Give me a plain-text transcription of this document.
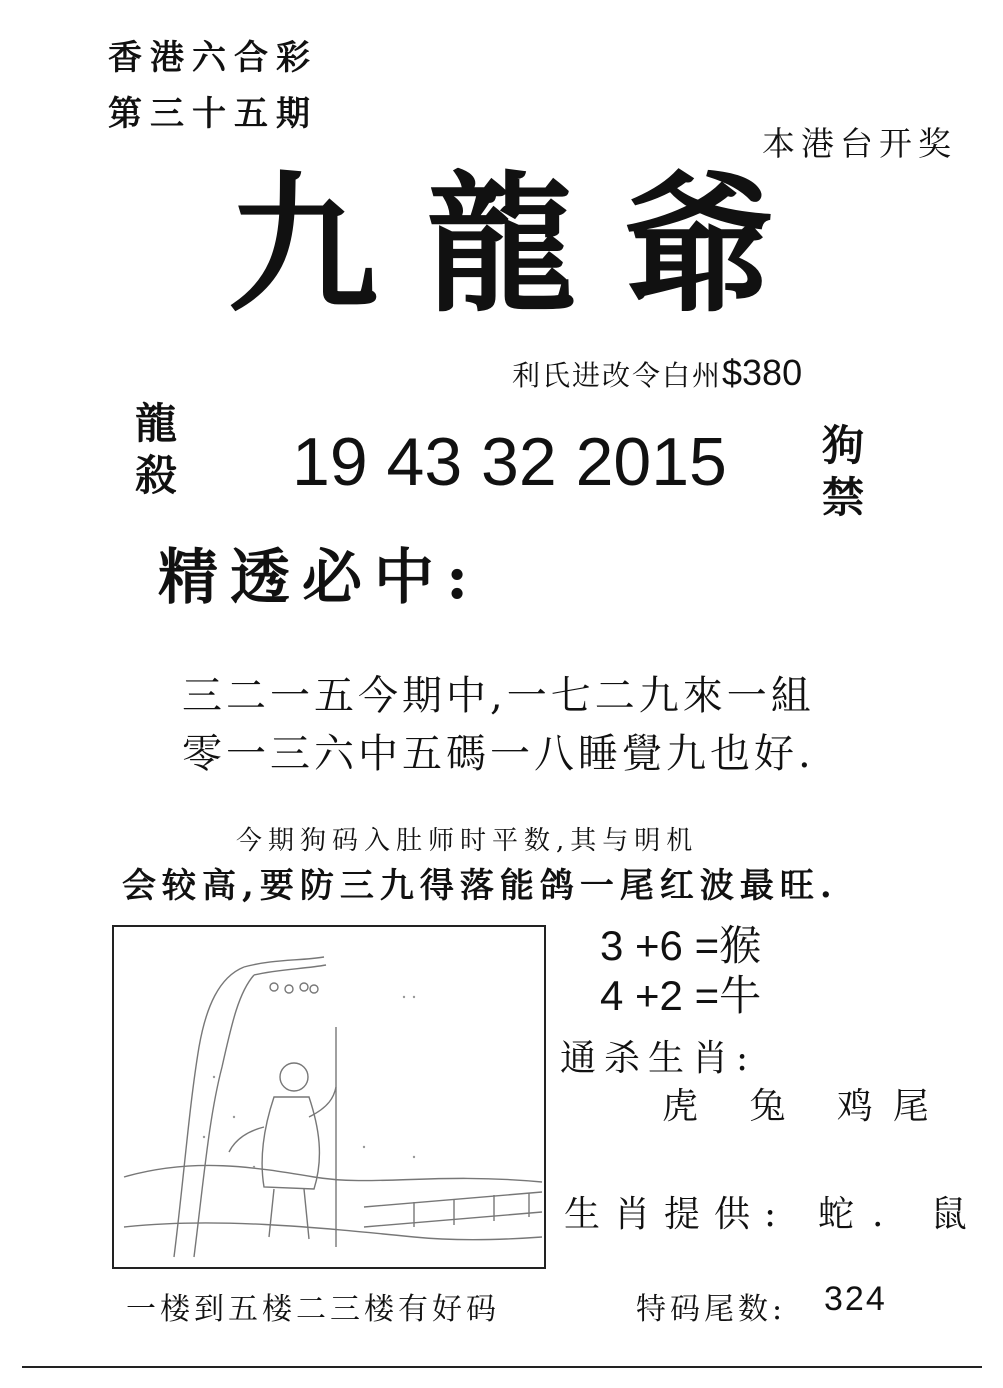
香港六合彩
第三十五期
本港台开奖
九龍爺
利氏进改令白州$380
龍
殺 19 43 32 2015 狗
禁
精透必中:
三二一五今期中,一七二九來一組
零一三六中五碼一八睡覺九也好.
今期狗码入肚师时平数,其与明机
会较高,要防三九得落能鸽一尾红波最旺.
3 +6 =猴
4 +2 =牛
通杀生肖:
虎 兔 鸡尾
生肖提供: 蛇. 鼠
一楼到五楼二三楼有好码	特码尾数: 324
